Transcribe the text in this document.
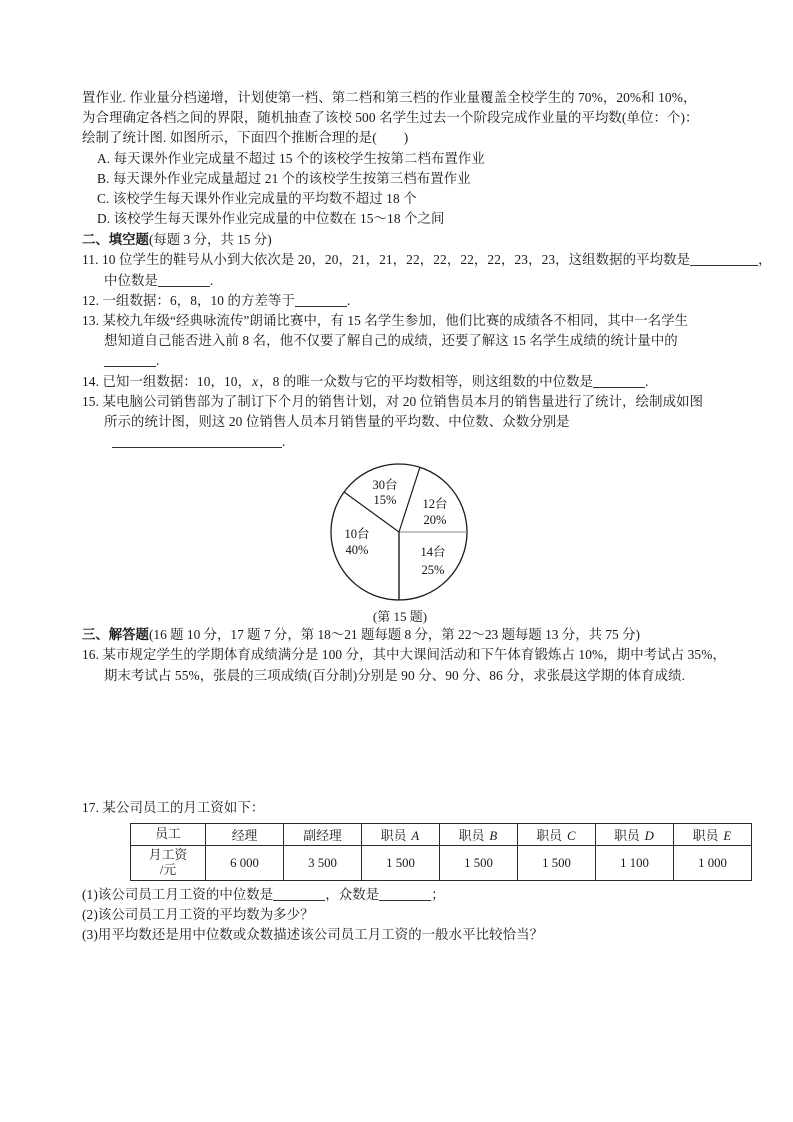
置作业. 作业量分档递增，计划使第一档、第二档和第三档的作业量覆盖全校学生的 70%，20%和 10%，
为合理确定各档之间的界限，随机抽查了该校 500 名学生过去一个阶段完成作业量的平均数(单位：个)：
绘制了统计图. 如图所示，下面四个推断合理的是(　　)
A. 每天课外作业完成量不超过 15 个的该校学生按第二档布置作业
B. 每天课外作业完成量超过 21 个的该校学生按第三档布置作业
C. 该校学生每天课外作业完成量的平均数不超过 18 个
D. 该校学生每天课外作业完成量的中位数在 15～18 个之间
二、填空题(每题 3 分，共 15 分)
11. 10 位学生的鞋号从小到大依次是 20，20，21，21，22，22，22，22，23，23，这组数据的平均数是	，
中位数是	.
12. 一组数据：6，8，10 的方差等于	.
13. 某校九年级“经典咏流传”朗诵比赛中，有 15 名学生参加，他们比赛的成绩各不相同，其中一名学生
想知道自己能否进入前 8 名，他不仅要了解自己的成绩，还要了解这 15 名学生成绩的统计量中的
.
14. 已知一组数据：10，10，x，8 的唯一众数与它的平均数相等，则这组数的中位数是	.
15. 某电脑公司销售部为了制订下个月的销售计划，对 20 位销售员本月的销售量进行了统计，绘制成如图
所示的统计图，则这 20 位销售人员本月销售量的平均数、中位数、众数分别是
.
30台
15% 12台
20%
14台
25%
10台
40%
(第 15 题)
三、解答题(16 题 10 分，17 题 7 分，第 18～21 题每题 8 分，第 22～23 题每题 13 分，共 75 分)
16. 某市规定学生的学期体育成绩满分是 100 分，其中大课间活动和下午体育锻炼占 10%，期中考试占 35%，
期末考试占 55%，张晨的三项成绩(百分制)分别是 90 分、90 分、86 分，求张晨这学期的体育成绩.
17. 某公司员工的月工资如下：
员工	经理	副经理	职员 A	职员 B	职员 C	职员 D	职员 E

月工资
/元	6 000	3 500	1 500	1 500	1 500	1 100	1 000
(1)该公司员工月工资的中位数是	，众数是	；
(2)该公司员工月工资的平均数为多少？
(3)用平均数还是用中位数或众数描述该公司员工月工资的一般水平比较恰当？
